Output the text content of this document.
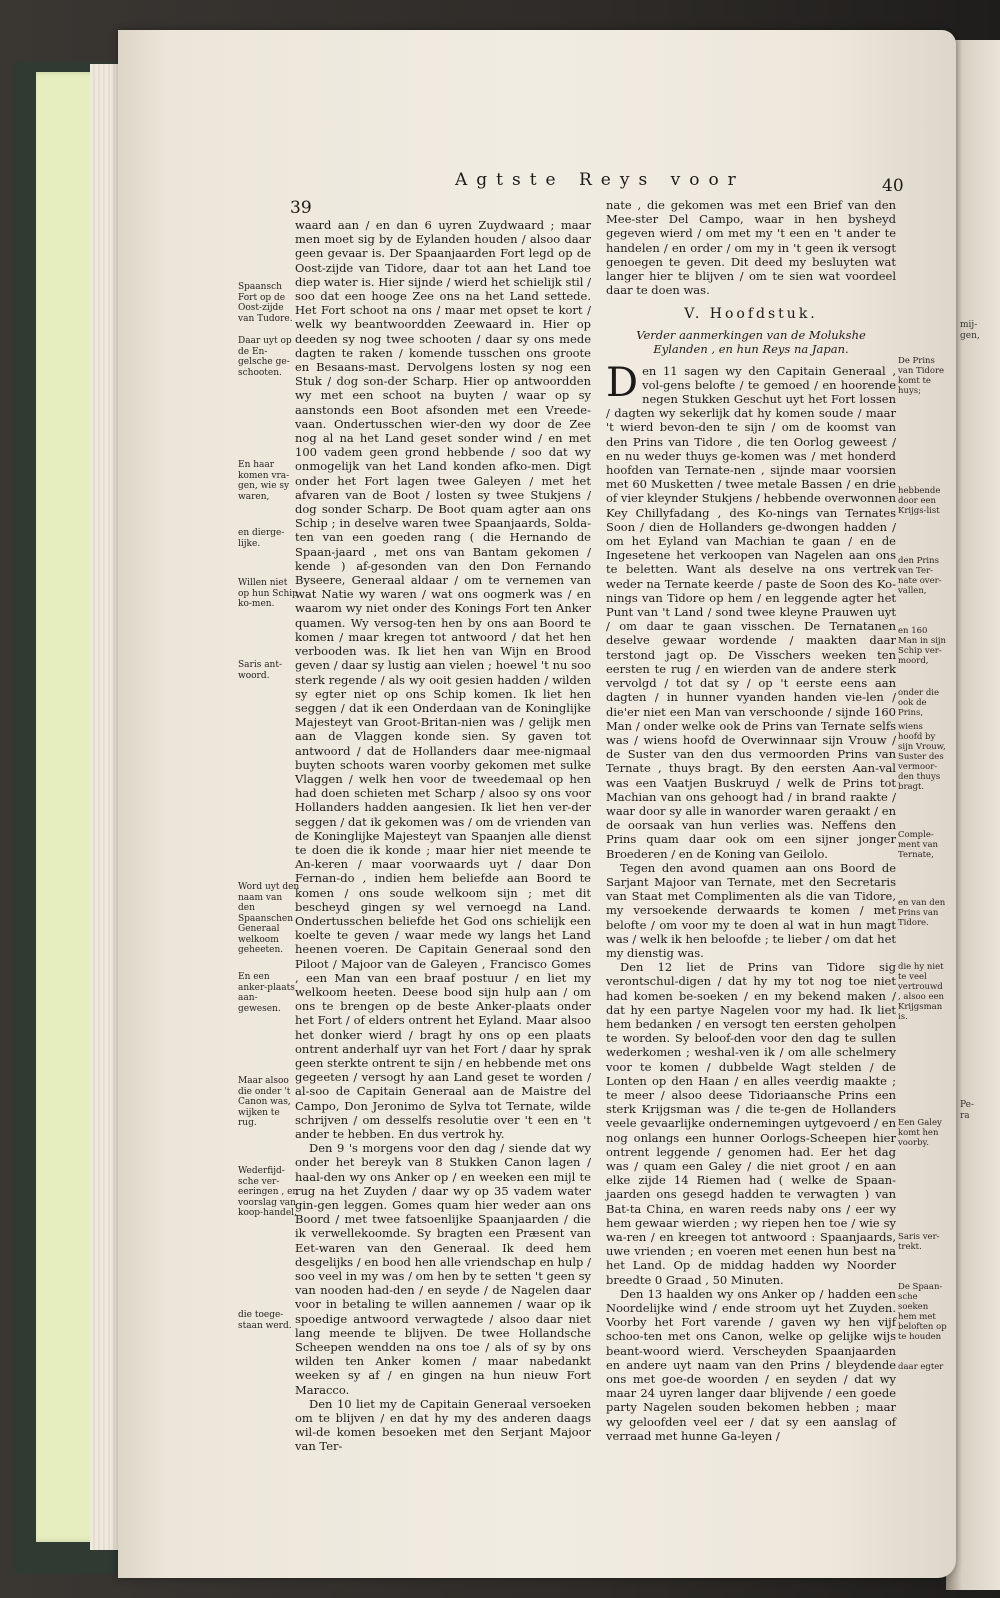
mij-
gen,
Pe-
ra
39
Agtste Reys voor	40

waard aan / en dan 6 uyren Zuydwaard ; maar men moet sig by de Eylanden houden / alsoo daar geen gevaar is. Der Spaanjaarden Fort legd op de Oost-zijde van Tidore, daar tot aan het Land toe diep water is. Hier sijnde / wierd het schielijk stil / soo dat een hooge Zee ons na het Land settede. Het Fort schoot na ons / maar met opset te kort / welk wy beantwoordden Zeewaard in. Hier op deeden sy nog twee schooten / daar sy ons mede dagten te raken / komende tusschen ons groote en Besaans-mast. Dervolgens losten sy nog een Stuk / dog son-der Scharp. Hier op antwoordden wy met een schoot na buyten / waar op sy aanstonds een Boot afsonden met een Vreede-vaan. Ondertusschen wier-den wy door de Zee nog al na het Land geset sonder wind / en met 100 vadem geen grond hebbende / soo dat wy onmogelijk van het Land konden afko-men. Digt onder het Fort lagen twee Galeyen / met het afvaren van de Boot / losten sy twee Stukjens / dog sonder Scharp. De Boot quam agter aan ons Schip ; in deselve waren twee Spaanjaards, Solda-ten van een goeden rang ( die Hernando de Spaan-jaard , met ons van Bantam gekomen / kende ) af-gesonden van den Don Fernando Byseere, Generaal aldaar / om te vernemen van wat Natie wy waren / wat ons oogmerk was / en waarom wy niet onder des Konings Fort ten Anker quamen. Wy versog-ten hen by ons aan Boord te komen / maar kregen tot antwoord / dat het hen verbooden was. Ik liet hen van Wijn en Brood geven / daar sy lustig aan vielen ; hoewel 't nu soo sterk regende / als wy ooit gesien hadden / wilden sy egter niet op ons Schip komen. Ik liet hen seggen / dat ik een Onderdaan van de Koninglijke Majesteyt van Groot-Britan-nien was / gelijk men aan de Vlaggen konde sien. Sy gaven tot antwoord / dat de Hollanders daar mee-nigmaal buyten schoots waren voorby gekomen met sulke Vlaggen / welk hen voor de tweedemaal op hen had doen schieten met Scharp / alsoo sy ons voor Hollanders hadden aangesien. Ik liet hen ver-der seggen / dat ik gekomen was / om de vrienden van de Koninglijke Majesteyt van Spaanjen alle dienst te doen die ik konde ; maar hier niet meende te An-keren / maar voorwaards uyt / daar Don Fernan-do , indien hem beliefde aan Boord te komen / ons soude welkoom sijn ; met dit bescheyd gingen sy wel vernoegd na Land. Ondertusschen beliefde het God ons schielijk een koelte te geven / waar mede wy langs het Land heenen voeren. De Capitain Generaal sond den Piloot / Majoor van de Galeyen , Francisco Gomes , een Man van een braaf postuur / en liet my welkoom heeten. Deese bood sijn hulp aan / om ons te brengen op de beste Anker-plaats onder het Fort / of elders ontrent het Eyland. Maar alsoo het donker wierd / bragt hy ons op een plaats ontrent anderhalf uyr van het Fort / daar hy sprak geen sterkte ontrent te sijn / en hebbende met ons gegeeten / versogt hy aan Land geset te worden / al-soo de Capitain Generaal aan de Maistre del Campo, Don Jeronimo de Sylva tot Ternate, wilde schrijven / om desselfs resolutie over 't een en 't ander te hebben. En dus vertrok hy.

Den 9 's morgens voor den dag / siende dat wy onder het bereyk van 8 Stukken Canon lagen / haal-den wy ons Anker op / en weeken een mijl te rug na het Zuyden / daar wy op 35 vadem water gin-gen leggen. Gomes quam hier weder aan ons Boord / met twee fatsoenlijke Spaanjaarden / die ik verwellekoomde. Sy bragten een Præsent van Eet-waren van den Generaal. Ik deed hem desgelijks / en bood hen alle vriendschap en hulp / soo veel in my was / om hen by te setten 't geen sy van nooden had-den / en seyde / de Nagelen daar voor in betaling te willen aannemen / waar op ik spoedige antwoord verwagtede / alsoo daar niet lang meende te blijven. De twee Hollandsche Scheepen wendden na ons toe / als of sy by ons wilden ten Anker komen / maar nabedankt weeken sy af / en gingen na hun nieuw Fort Maracco.

Den 10 liet my de Capitain Generaal versoeken om te blijven / en dat hy my des anderen daags wil-de komen besoeken met den Serjant Majoor van Ter-

Spaansch Fort op de Oost-zijde van Tudore.
Daar uyt op de En-gelsche ge-schooten.
En haar komen vra-gen, wie sy waren,
en dierge-lijke.
Willen niet op hun Schip ko-men.
Saris ant-woord.
Word uyt den naam van den Spaanschen Generaal welkoom geheeten.
En een anker-plaats aan-gewesen.
Maar alsoo die onder 't Canon was, wijken te rug.
Wederfijd-sche ver-eeringen , en voorslag van koop-handel,
die toege-staan werd.

nate , die gekomen was met een Brief van den Mee-ster Del Campo, waar in hen bysheyd gegeven wierd / om met my 't een en 't ander te handelen / en order / om my in 't geen ik versogt genoegen te geven. Dit deed my besluyten wat langer hier te blijven / om te sien wat voordeel daar te doen was.

V. Hoofdstuk.
Verder aanmerkingen van de Molukshe Eylanden , en hun Reys na Japan.

Den 11 sagen wy den Capitain Generaal , vol-gens belofte / te gemoed / en hoorende negen Stukken Geschut uyt het Fort lossen / dagten wy sekerlijk dat hy komen soude / maar 't wierd bevon-den te sijn / om de koomst van den Prins van Tidore , die ten Oorlog geweest / en nu weder thuys ge-komen was / met honderd hoofden van Ternate-nen , sijnde maar voorsien met 60 Musketten / twee metale Bassen / en drie of vier kleynder Stukjens / hebbende overwonnen Key Chillyfadang , des Ko-nings van Ternates Soon / dien de Hollanders ge-dwongen hadden / om het Eyland van Machian te gaan / en de Ingesetene het verkoopen van Nagelen aan ons te beletten. Want als deselve na ons vertrek weder na Ternate keerde / paste de Soon des Ko-nings van Tidore op hem / en leggende agter het Punt van 't Land / sond twee kleyne Prauwen uyt / om daar te gaan visschen. De Ternatanen deselve gewaar wordende / maakten daar terstond jagt op. De Visschers weeken ten eersten te rug / en wierden van de andere sterk vervolgd / tot dat sy / op 't eerste eens aan dagten / in hunner vyanden handen vie-len / die'er niet een Man van verschoonde / sijnde 160 Man / onder welke ook de Prins van Ternate selfs was / wiens hoofd de Overwinnaar sijn Vrouw / de Suster van den dus vermoorden Prins van Ternate , thuys bragt. By den eersten Aan-val was een Vaatjen Buskruyd / welk de Prins tot Machian van ons gehoogt had / in brand raakte / waar door sy alle in wanorder waren geraakt / en de oorsaak van hun verlies was. Neffens den Prins quam daar ook om een sijner jonger Broederen / en de Koning van Geilolo.

Tegen den avond quamen aan ons Boord de Sarjant Majoor van Ternate, met den Secretaris van Staat met Complimenten als die van Tidore, my versoekende derwaards te komen / met belofte / om voor my te doen al wat in hun magt was / welk ik hen beloofde ; te lieber / om dat het my dienstig was.

Den 12 liet de Prins van Tidore sig verontschul-digen / dat hy my tot nog toe niet had komen be-soeken / en my bekend maken / dat hy een partye Nagelen voor my had. Ik liet hem bedanken / en versogt ten eersten geholpen te worden. Sy beloof-den voor den dag te sullen wederkomen ; weshal-ven ik / om alle schelmery voor te komen / dubbelde Wagt stelden / de Lonten op den Haan / en alles veerdig maakte ; te meer / alsoo deese Tidoriaansche Prins een sterk Krijgsman was / die te-gen de Hollanders veele gevaarlijke ondernemingen uytgevoerd / en nog onlangs een hunner Oorlogs-Scheepen hier ontrent leggende / genomen had. Eer het dag was / quam een Galey / die niet groot / en aan elke zijde 14 Riemen had ( welke de Spaan-jaarden ons gesegd hadden te verwagten ) van Bat-ta China, en waren reeds naby ons / eer wy hem gewaar wierden ; wy riepen hen toe / wie sy wa-ren / en kreegen tot antwoord : Spaanjaards, uwe vrienden ; en voeren met eenen hun best na het Land. Op de middag hadden wy Noorder breedte 0 Graad , 50 Minuten.

Den 13 haalden wy ons Anker op / hadden een Noordelijke wind / ende stroom uyt het Zuyden. Voorby het Fort varende / gaven wy hen vijf schoo-ten met ons Canon, welke op gelijke wijs beant-woord wierd. Verscheyden Spaanjaarden en andere uyt naam van den Prins / bleydende ons met goe-de woorden / en seyden / dat wy maar 24 uyren langer daar blijvende / een goede party Nagelen souden bekomen hebben ; maar wy geloofden veel eer / dat sy een aanslag of verraad met hunne Ga-leyen /

De Prins van Tidore komt te huys;
hebbende door een Krijgs-list
den Prins van Ter-nate over-vallen,
en 160 Man in sijn Schip ver-moord,
onder die ook de Prins,
wiens hoofd by sijn Vrouw, Suster des vermoor-den thuys bragt.
Comple-ment van Ternate,
en van den Prins van Tidore.
die hy niet te veel vertrouwd , alsoo een Krijgsman is.
Een Galey komt hen voorby.
Saris ver-trekt.
De Spaan-sche soeken hem met beloften op te houden
daar egter
